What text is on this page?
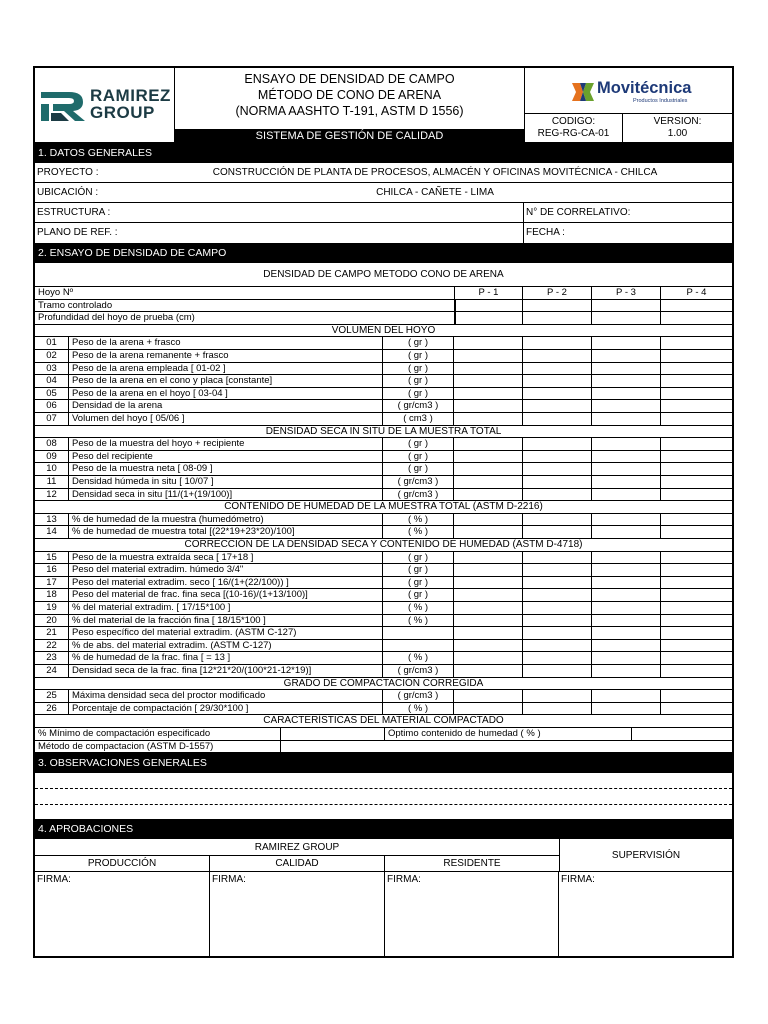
RAMIREZ
GROUP
ENSAYO DE DENSIDAD DE CAMPO
MÉTODO DE CONO DE ARENA
(NORMA AASHTO T-191, ASTM D 1556)
SISTEMA DE GESTIÓN DE CALIDAD
Movitécnica
Productos Industriales
CODIGO:
REG-RG-CA-01
VERSION:
1.00
1. DATOS GENERALES
PROYECTO :	CONSTRUCCIÓN DE PLANTA DE PROCESOS, ALMACÉN Y OFICINAS MOVITÉCNICA - CHILCA
UBICACIÓN :	CHILCA - CAÑETE - LIMA
ESTRUCTURA :	N° DE CORRELATIVO:
PLANO DE REF. :	FECHA :
2. ENSAYO DE DENSIDAD DE CAMPO
DENSIDAD DE CAMPO METODO CONO DE ARENA
Hoyo Nº	P - 1	P - 2	P - 3	P - 4
Tramo controlado
Profundidad del hoyo de prueba (cm)
VOLUMEN DEL HOYO
01	Peso de la arena + frasco	( gr )
02	Peso de la arena remanente + frasco	( gr )
03	Peso de la arena empleada [ 01-02 ]	( gr )
04	Peso de la arena en el cono y placa [constante]	( gr )
05	Peso de la arena en el hoyo [ 03-04 ]	( gr )
06	Densidad de la arena	( gr/cm3 )
07	Volumen del hoyo [ 05/06 ]	( cm3 )
DENSIDAD SECA IN SITU DE LA MUESTRA TOTAL
08	Peso de la muestra del hoyo + recipiente	( gr )
09	Peso del recipiente	( gr )
10	Peso de la muestra neta [ 08-09 ]	( gr )
11	Densidad húmeda in situ [ 10/07 ]	( gr/cm3 )
12	Densidad seca in situ [11/(1+(19/100)]	( gr/cm3 )
CONTENIDO DE HUMEDAD DE LA MUESTRA TOTAL (ASTM D-2216)
13	% de humedad de la muestra (humedómetro)	( % )
14	% de humedad de muestra total [(22*19+23*20)/100]	( % )
CORRECCIÓN DE LA DENSIDAD SECA Y CONTENIDO DE HUMEDAD (ASTM D-4718)
15	Peso de la muestra extraída seca [ 17+18 ]	( gr )
16	Peso del material extradim. húmedo 3/4"	( gr )
17	Peso del material extradim. seco [ 16/(1+(22/100)) ]	( gr )
18	Peso del material de frac. fina seca [(10-16)/(1+13/100)]	( gr )
19	% del material extradim. [ 17/15*100 ]	( % )
20	% del material de la fracción fina [ 18/15*100 ]	( % )
21	Peso específico del material extradim. (ASTM C-127)
22	% de abs. del material extradim. (ASTM C-127)
23	% de humedad de la frac. fina [ = 13 ]	( % )
24	Densidad seca de la frac. fina [12*21*20/(100*21-12*19)]	( gr/cm3 )
GRADO DE COMPACTACIÓN CORREGIDA
25	Máxima densidad seca del proctor modificado	( gr/cm3 )
26	Porcentaje de compactación [ 29/30*100 ]	( % )
CARACTERÍSTICAS DEL MATERIAL COMPACTADO
% Mínimo de compactación especificado	Optimo contenido de humedad ( % )
Método de compactacion (ASTM D-1557)
3. OBSERVACIONES GENERALES
4. APROBACIONES
RAMIREZ GROUP
PRODUCCIÓN	CALIDAD	RESIDENTE
SUPERVISIÓN
FIRMA:	FIRMA:	FIRMA:	FIRMA:
